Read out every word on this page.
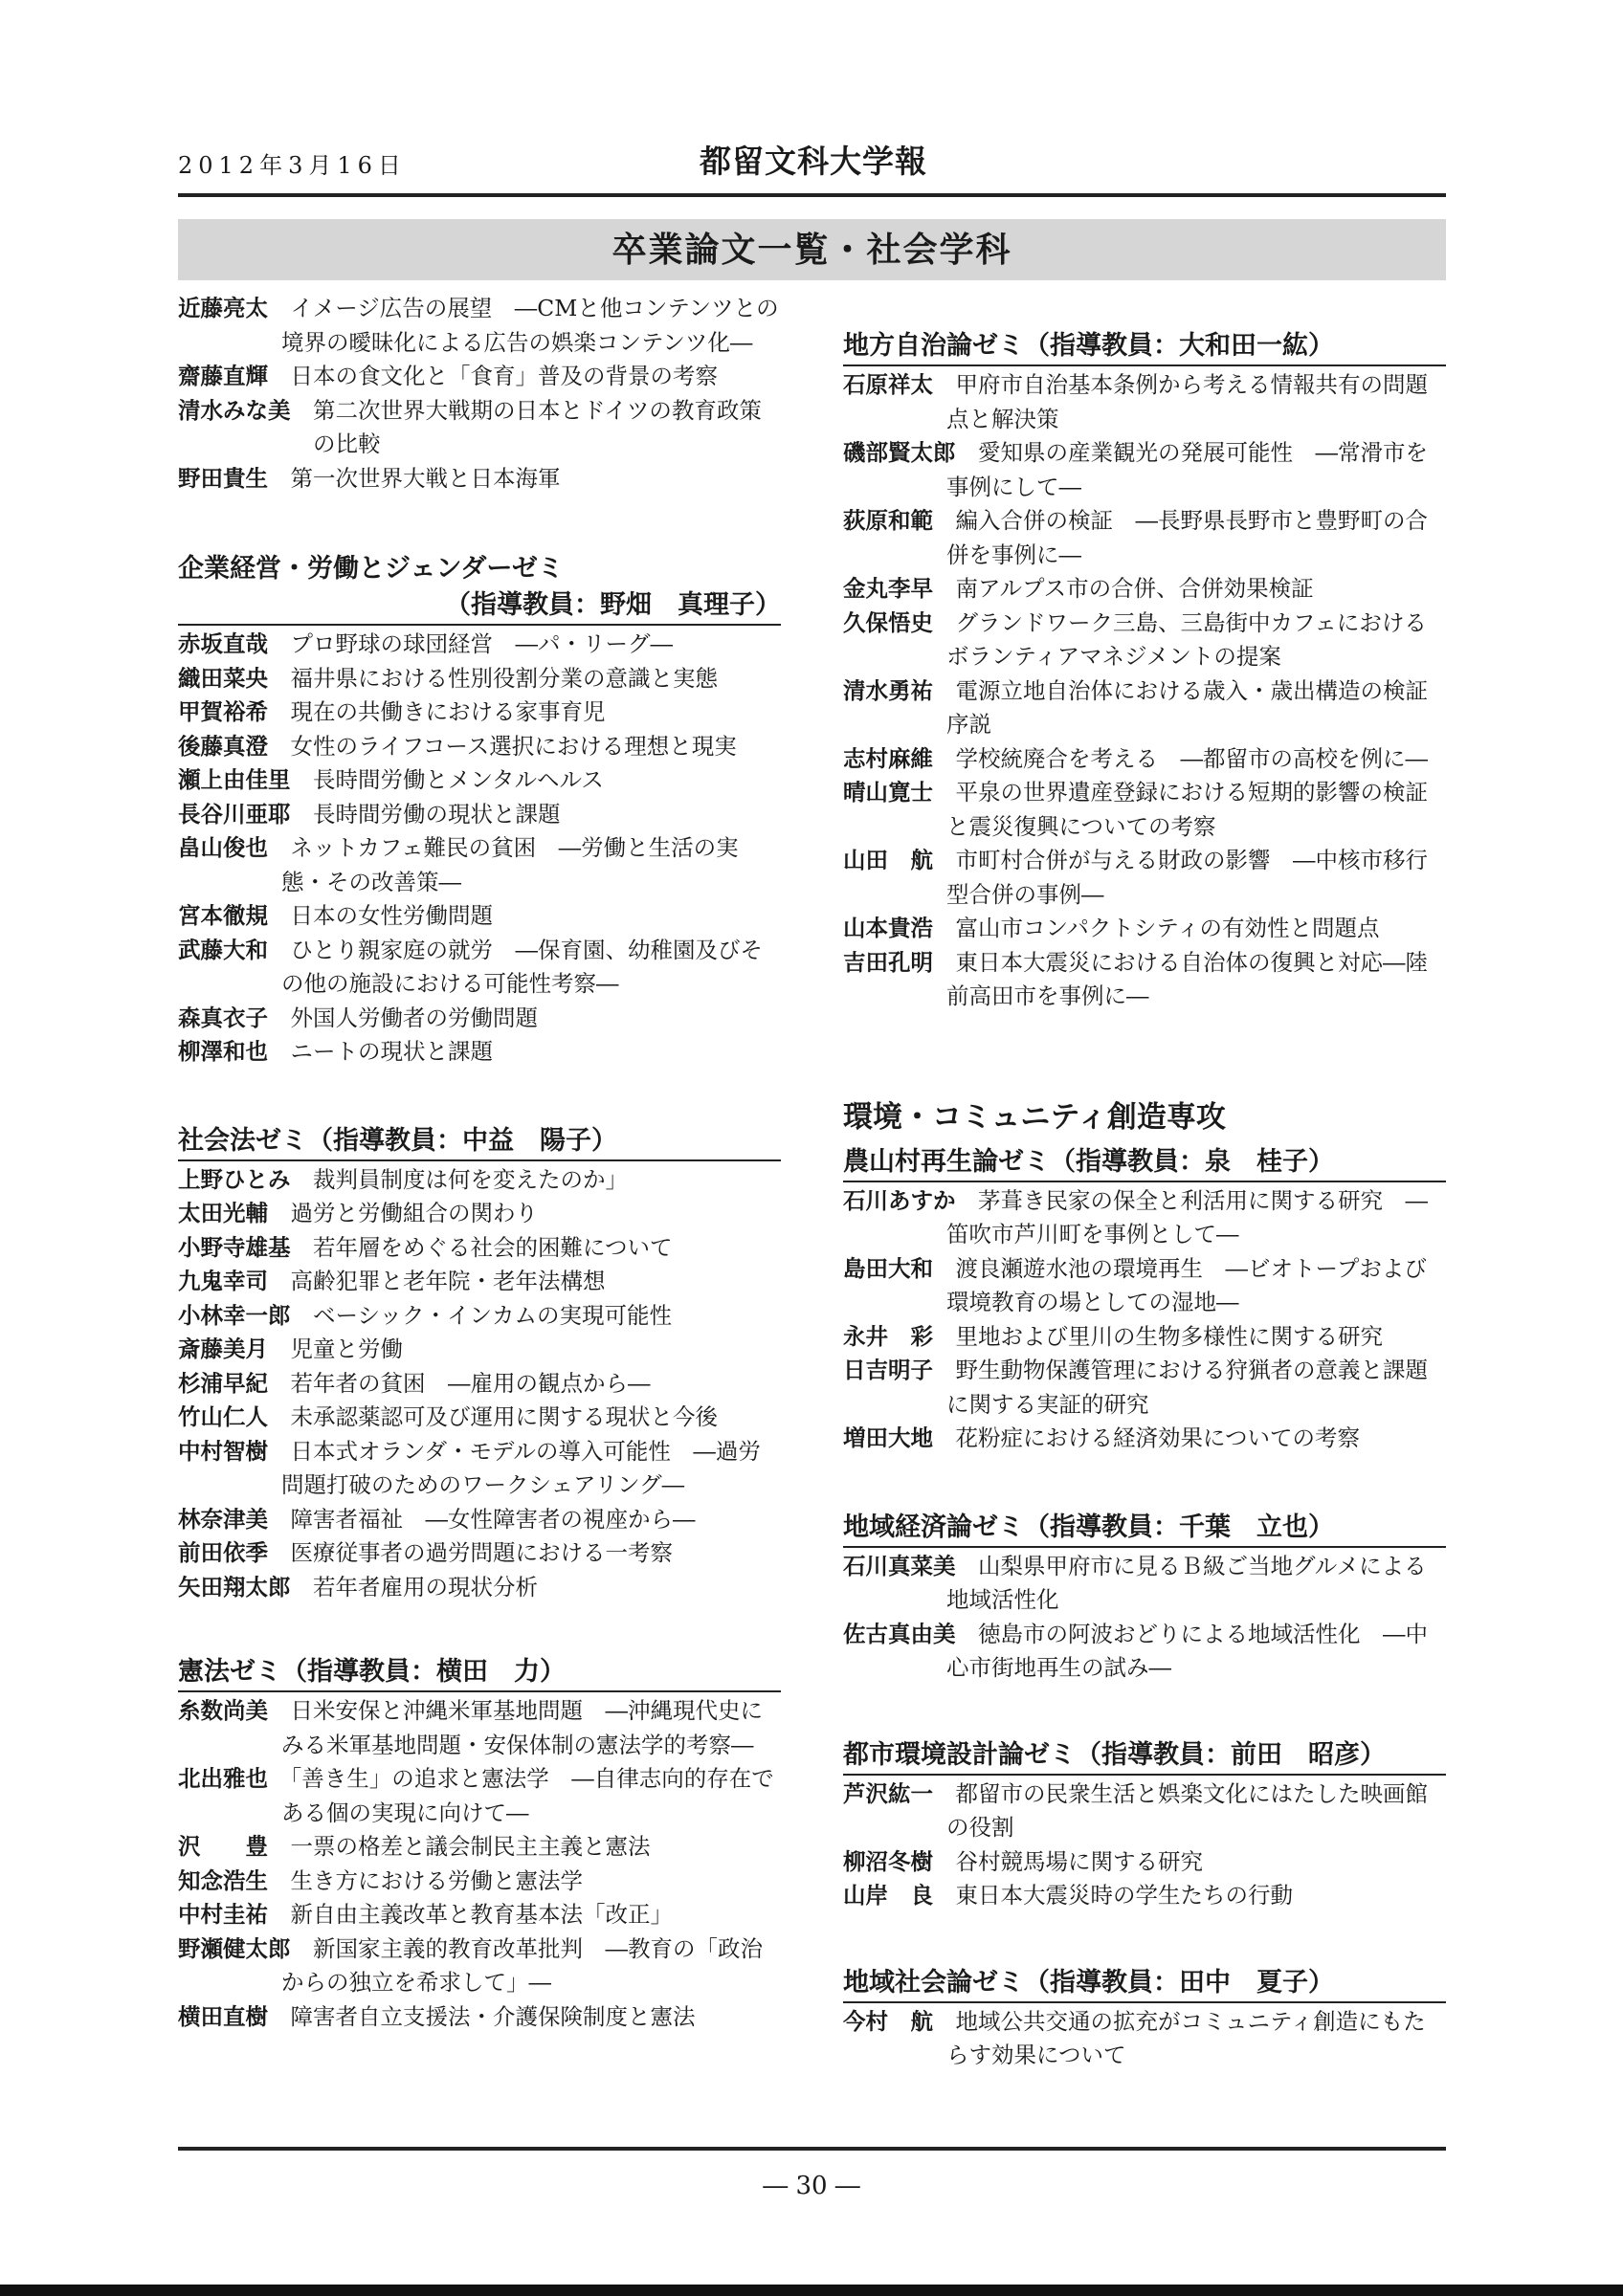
2012年3月16日	都留文科大学報
卒業論文一覧・社会学科
近藤亮太　 イメージ広告の展望　―CMと他コンテンツとの境界の曖昧化による広告の娯楽コンテンツ化―
齋藤直輝
　 日本の食文化と「食育」普及の背景の考察
清水みな美
　 第二次世界大戦期の日本とドイツの教育政策の比較
野田貴生
　 第一次世界大戦と日本海軍
企業経営・労働とジェンダーゼミ
（指導教員：野畑　真理子）
赤坂直哉　 プロ野球の球団経営　―パ・リーグ―
織田菜央　 福井県における性別役割分業の意識と実態
甲賀裕希　 現在の共働きにおける家事育児
後藤真澄　 女性のライフコース選択における理想と現実
瀬上由佳里　 長時間労働とメンタルヘルス
長谷川亜耶　 長時間労働の現状と課題
畠山俊也　 ネットカフェ難民の貧困　―労働と生活の実態・その改善策―
宮本徹規　 日本の女性労働問題
武藤大和　 ひとり親家庭の就労　―保育園、幼稚園及びその他の施設における可能性考察―
森真衣子　 外国人労働者の労働問題
柳澤和也　 ニートの現状と課題
社会法ゼミ（指導教員：中益　陽子）
上野ひとみ　 裁判員制度は何を変えたのか」
太田光輔　 過労と労働組合の関わり
小野寺雄基　 若年層をめぐる社会的困難について
九鬼幸司　 高齢犯罪と老年院・老年法構想
小林幸一郎　 ベーシック・インカムの実現可能性
斎藤美月　 児童と労働
杉浦早紀　 若年者の貧困　―雇用の観点から―
竹山仁人　 未承認薬認可及び運用に関する現状と今後
中村智樹　 日本式オランダ・モデルの導入可能性　―過労問題打破のためのワークシェアリング―
林奈津美　 障害者福祉　―女性障害者の視座から―
前田依季　 医療従事者の過労問題における一考察
矢田翔太郎　 若年者雇用の現状分析
憲法ゼミ（指導教員：横田　力）
糸数尚美　 日米安保と沖縄米軍基地問題　―沖縄現代史にみる米軍基地問題・安保体制の憲法学的考察―
北出雅也　 「善き生」の追求と憲法学　―自律志向的存在である個の実現に向けて―
沢　　豊　 一票の格差と議会制民主主義と憲法
知念浩生　 生き方における労働と憲法学
中村圭祐　 新自由主義改革と教育基本法「改正」
野瀬健太郎　 新国家主義的教育改革批判　―教育の「政治からの独立を希求して」―
横田直樹　 障害者自立支援法・介護保険制度と憲法
地方自治論ゼミ（指導教員：大和田一紘）
石原祥太　 甲府市自治基本条例から考える情報共有の問題点と解決策
磯部賢太郎　 愛知県の産業観光の発展可能性　―常滑市を事例にして―
荻原和範　 編入合併の検証　―長野県長野市と豊野町の合併を事例に―
金丸李早　 南アルプス市の合併、合併効果検証
久保悟史　 グランドワーク三島、三島街中カフェにおけるボランティアマネジメントの提案
清水勇祐　 電源立地自治体における歳入・歳出構造の検証序説
志村麻維　 学校統廃合を考える　―都留市の高校を例に―
晴山寛士　 平泉の世界遺産登録における短期的影響の検証と震災復興についての考察
山田　航　 市町村合併が与える財政の影響　―中核市移行型合併の事例―
山本貴浩　 富山市コンパクトシティの有効性と問題点
吉田孔明　 東日本大震災における自治体の復興と対応―陸前高田市を事例に―
環境・コミュニティ創造専攻
農山村再生論ゼミ（指導教員：泉　桂子）
石川あすか　 茅葺き民家の保全と利活用に関する研究　―笛吹市芦川町を事例として―
島田大和　 渡良瀬遊水池の環境再生　―ビオトープおよび環境教育の場としての湿地―
永井　彩　 里地および里川の生物多様性に関する研究
日吉明子　 野生動物保護管理における狩猟者の意義と課題に関する実証的研究
増田大地　 花粉症における経済効果についての考察
地域経済論ゼミ（指導教員：千葉　立也）
石川真菜美　 山梨県甲府市に見るＢ級ご当地グルメによる地域活性化
佐古真由美　 徳島市の阿波おどりによる地域活性化　―中心市街地再生の試み―
都市環境設計論ゼミ（指導教員：前田　昭彦）
芦沢紘一　 都留市の民衆生活と娯楽文化にはたした映画館の役割
柳沼冬樹　 谷村競馬場に関する研究
山岸　良　 東日本大震災時の学生たちの行動
地域社会論ゼミ（指導教員：田中　夏子）
今村　航　 地域公共交通の拡充がコミュニティ創造にもたらす効果について
― 30 ―
